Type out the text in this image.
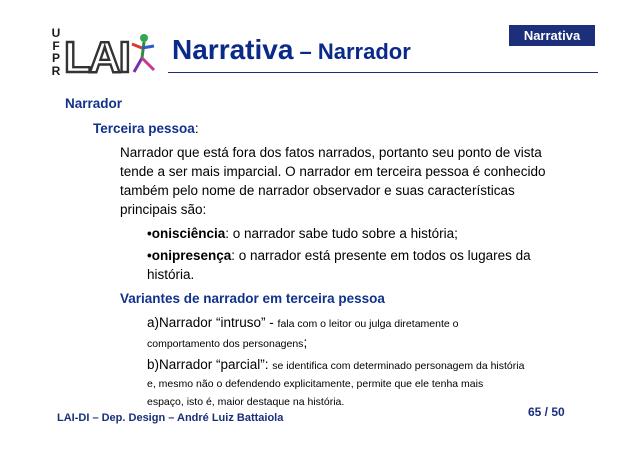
U
F
P
R LAI Narrativa – Narrador
Narrativa
Narrador
Terceira pessoa:
Narrador que está fora dos fatos narrados, portanto seu ponto de vista
tende a ser mais imparcial. O narrador em terceira pessoa é conhecido
também pelo nome de narrador observador e suas características
principais são:
•onisciência: o narrador sabe tudo sobre a história;
•onipresença: o narrador está presente em todos os lugares da
história.
Variantes de narrador em terceira pessoa
a)Narrador “intruso” - fala com o leitor ou julga diretamente o
comportamento dos personagens;
b)Narrador “parcial”: se identifica com determinado personagem da história
e, mesmo não o defendendo explicitamente, permite que ele tenha mais
espaço, isto é, maior destaque na história.
LAI-DI – Dep. Design – André Luiz Battaiola	65 / 50
